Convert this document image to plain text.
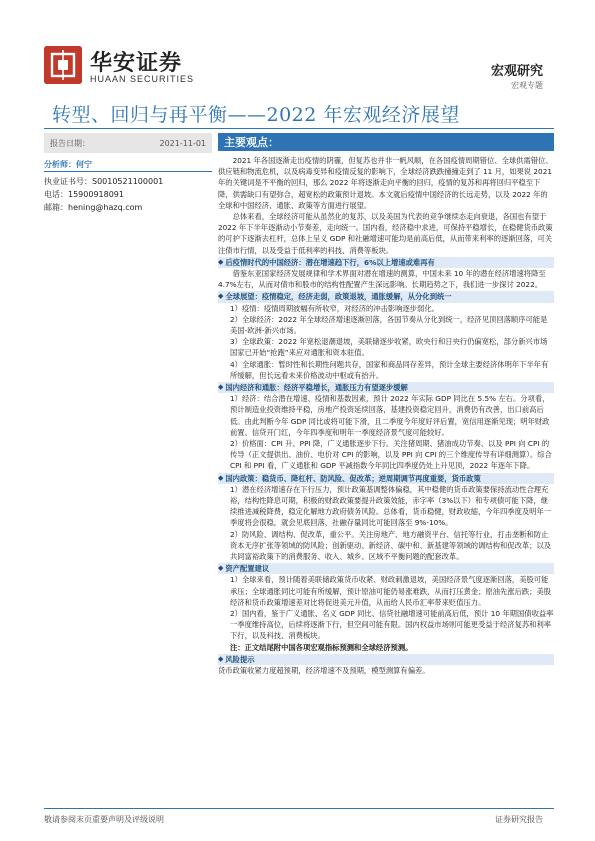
华安证券
HUAAN SECURITIES	宏观研究
宏观专题
转型、回归与再平衡——2022 年宏观经济展望
报告日期：	2021-11-01
分析师： 何宁
执业证书号：S0010521100001
电话：15900918091
邮箱：hening@hazq.com
主要观点：

2021 年各国逐渐走出疫情的阴霾，但复苏也并非一帆风顺，在各国疫情周期错位、全球供需错位、供应链和物流危机，以及病毒变异和疫情反复的影响下，全球经济跌跌撞撞走到了 11 月，如果说 2021 年的关键词是不平衡的回归，那么 2022 年将逐渐走向平衡的回归，疫情的复苏和再将回归平稳至下降，供需缺口有望弥合，超宽松的政策预计退坡。本文就后疫情中国经济的长远走势，以及 2022 年的全球和中国经济、通胀、政策等方面进行展望。

总体来看，全球经济可能从虽然化的复苏，以及美国为代表的竞争继续态走向衰退，各国也有望于 2022 年下半年逐渐动小节奏差，走向统一。国内看，经济稳中求进，可保持平稳增长，在稳健货币政策的可护下逐渐去杠杆，总体上呈义 GDP 和社融增速可能均是前高后低，从而带来利率的逐渐回落，可关注债市行情，以及受益于低利率的科技、消费等板块。

◆ 后疫情时代的中国经济：潜在增速趋下行，6%以上增速或难再有

借鉴东亚国家经济发展规律和学术界面对潜在增速的测算，中国未来 10 年的潜在经济增速将降至 4.7%左右，从而对债市和股市的结构性配置产生深远影响。长期趋势之下，我们进一步探讨 2022。

◆ 全球展望：疫情稳定，经济走弱，政策退坡，通胀缓解，从分化到统一

1）疫情：疫情周期波幅有所收窄，对经济的冲击影响逐步弱化。

2）全球经济：2022 年全球经济增速逐渐回落，各国节奏从分化到统一，经济见顶回落顺序可能是美国-欧洲-新兴市场。

3）全球政策：2022 年宽松退潮退坡，美联储逐步收紧，欧央行和日央行仍偏宽松，部分新兴市场国家已开始“抢跑”来应对通胀和资本驻值。

4）全球通胀：暂时性和长期性问题共存，国家和商品同存差异，预计全球主要经济体明年下半年有所缓解，但长远看未来价格波动中枢或有抬升。

◆ 国内经济和通胀：经济平稳增长，通胀压力有望逐步缓解

1）经济：结合潜在增速、疫情和基数因素，预计 2022 年实际 GDP 同比在 5.5% 左右。分项看，预计制造业投资维持平稳，房地产投资延续回落，基建投资稳定回升，消费仍有改善，出口前高后低。由此判断今年 GDP 同比或将可能下滑，且二季度今年度好评后置，宽信用逐渐见现；明年财政前置、信贷开门红，今年四季度和明年一季度经济景气度可能较好。

2）价格面：CPI 升、PPI 降，广义通胀逐步下行。关注猪周期、猪油成功节奏、以及 PPI 向 CPI 的传导（正文提供出、油价、电价对 CPI 的影响，以及 PPI 向 CPI 的三个维度传导有详细测算）。综合 CPI 和 PPI 看，广义通胀和 GDP 平减指数今年同比四季度仍处上升见顶，2022 年逐年下降。

◆ 国内政策：稳货币、降杠杆、防风险、促改革；逆周期调节再度重要，货币政策

1）潜在经济增速存在下行压力，预计政策基调整体偏稳，其中稳健的货币政策要保持流动性合理充裕，结构性降息可期，积极的财政政策要提升政策效能，赤字率（3%以下）和专项债可能下降，继续推进减税降费，稳定化解地方政府债务风险。总体看，货币稳健，财政收缩，今年四季度及明年一季度将会很稳，就会见底回落，社融存量同比可能回落至 9%-10%。

2）防风险、调结构、促改革，重公平。关注房地产、地方融资平台、信托等行业，打击垄断和防止资本无序扩张等领域的防风险；创新驱动、新经济、碳中和、新基建等领域的调结构和促改革；以及共同富裕政策下的消费服务、收入、城乡、区域不平衡问题的配套改革。

◆ 资产配置建议

1）全球来看，预计随着美联储政策货币收紧、财政刺激退坡，美国经济景气度逐渐回落，美股可能承压；全球通胀同比可能有所缓解，预计原油可能仍易涨难跌，从而打压黄金；原油先涨后跌；美股经济和货币政策增速差对比将促进美元升值，从而给人民币汇率带来贬值压力。

2）国内看，鉴于广义通胀、名义 GDP 同比、信贷社融增速可能前高后低，预计 10 年期国债收益率一季度维持高位，后续将逐渐下行，但空间可能有限。国内权益市场则可能更受益于经济复苏和利率下行，以及科技、消费板块。

注：正文结尾附中国各项宏观指标预测和全球经济预测。

◆ 风险提示

货币政策收紧力度超预期，经济增速不及预期，模型测算有偏差。

敬请参阅末页重要声明及评级说明	证券研究报告
